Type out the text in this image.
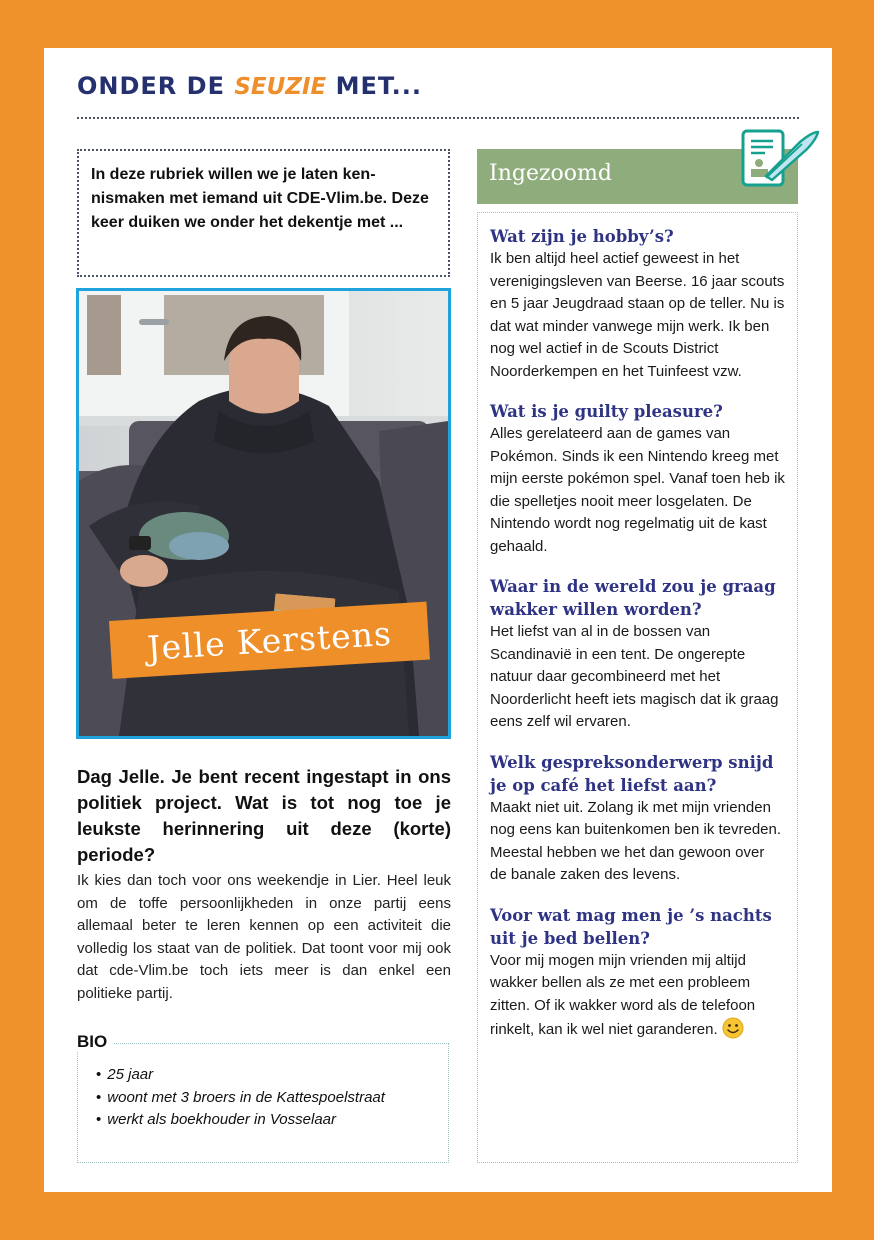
ONDER DE SEUZIE MET...

In deze rubriek willen we je laten kennismaken met iemand uit CDE-Vlim.be. Deze keer duiken we onder het dekentje met ...

Jelle Kerstens
Dag Jelle. Je bent recent ingestapt in ons politiek project. Wat is tot nog toe je leukste herinnering uit deze (korte) periode?

Ik kies dan toch voor ons weekendje in Lier. Heel leuk om de toffe persoonlijkheden in onze partij eens allemaal beter te leren kennen op een activiteit die volledig los staat van de politiek. Dat toont voor mij ook dat cde-Vlim.be toch iets meer is dan enkel een politieke partij.

BIO
• 25 jaar
• woont met 3 broers in de Kattespoelstraat
• werkt als boekhouder in Vosselaar
Ingezoomd
Wat zijn je hobby’s?

Ik ben altijd heel actief geweest in het verenigingsleven van Beerse. 16 jaar scouts en 5 jaar Jeugdraad staan op de teller. Nu is dat wat minder vanwege mijn werk. Ik ben nog wel actief in de Scouts District Noorderkempen en het Tuinfeest vzw.

Wat is je guilty pleasure?

Alles gerelateerd aan de games van Pokémon. Sinds ik een Nintendo kreeg met mijn eerste pokémon spel. Vanaf toen heb ik die spelletjes nooit meer losgelaten. De Nintendo wordt nog regelmatig uit de kast gehaald.

Waar in de wereld zou je graag wakker willen worden?

Het liefst van al in de bossen van Scandinavië in een tent. De ongerepte natuur daar gecombineerd met het Noorderlicht heeft iets magisch dat ik graag eens zelf wil ervaren.

Welk gespreksonderwerp snijd je op café het liefst aan?

Maakt niet uit. Zolang ik met mijn vrienden nog eens kan buitenkomen ben ik tevreden. Meestal hebben we het dan gewoon over de banale zaken des levens.

Voor wat mag men je ’s nachts uit je bed bellen?

Voor mij mogen mijn vrienden mij altijd wakker bellen als ze met een probleem zitten. Of ik wakker word als de telefoon rinkelt, kan ik wel niet garanderen.
